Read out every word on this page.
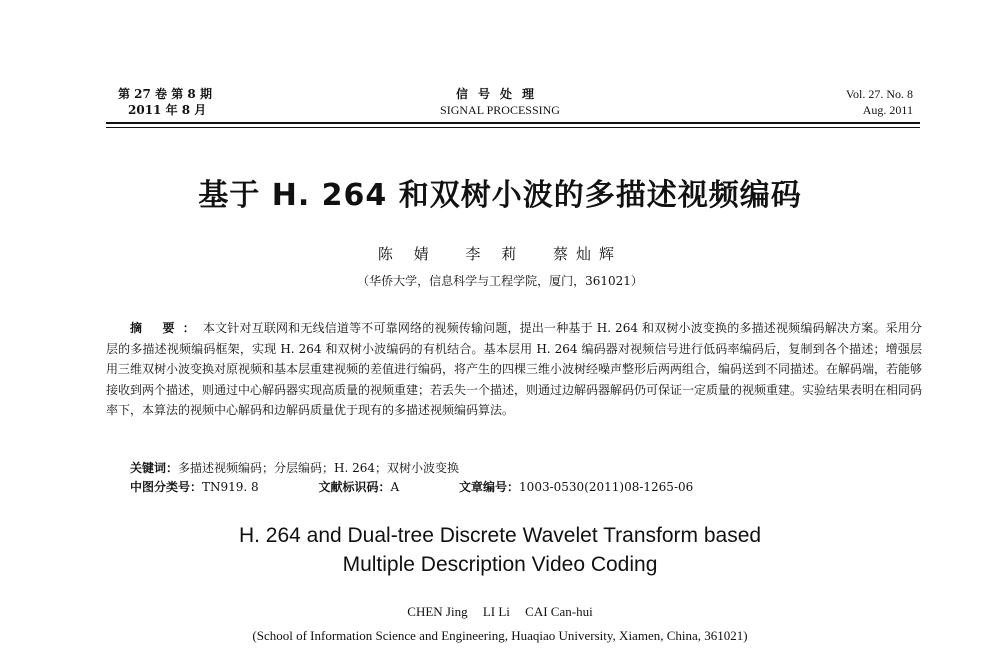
第 27 卷 第 8 期
2011 年 8 月
信号处理
SIGNAL PROCESSING
Vol. 27. No. 8
Aug. 2011
基于 H. 264 和双树小波的多描述视频编码
陈 婧 李 莉 蔡灿辉
（华侨大学，信息科学与工程学院，厦门，361021）
摘 要：本文针对互联网和无线信道等不可靠网络的视频传输问题，提出一种基于 H. 264 和双树小波变换的多描述视频编码解决方案。采用分层的多描述视频编码框架，实现 H. 264 和双树小波编码的有机结合。基本层用 H. 264 编码器对视频信号进行低码率编码后，复制到各个描述；增强层用三维双树小波变换对原视频和基本层重建视频的差值进行编码，将产生的四棵三维小波树经噪声整形后两两组合，编码送到不同描述。在解码端，若能够接收到两个描述，则通过中心解码器实现高质量的视频重建；若丢失一个描述，则通过边解码器解码仍可保证一定质量的视频重建。实验结果表明在相同码率下，本算法的视频中心解码和边解码质量优于现有的多描述视频编码算法。
关键词：多描述视频编码；分层编码；H. 264；双树小波变换
中图分类号：TN919. 8	文献标识码：A	文章编号：1003-0530(2011)08-1265-06
H. 264 and Dual-tree Discrete Wavelet Transform based
Multiple Description Video Coding
CHEN Jing LI Li CAI Can-hui
(School of Information Science and Engineering, Huaqiao University, Xiamen, China, 361021)
